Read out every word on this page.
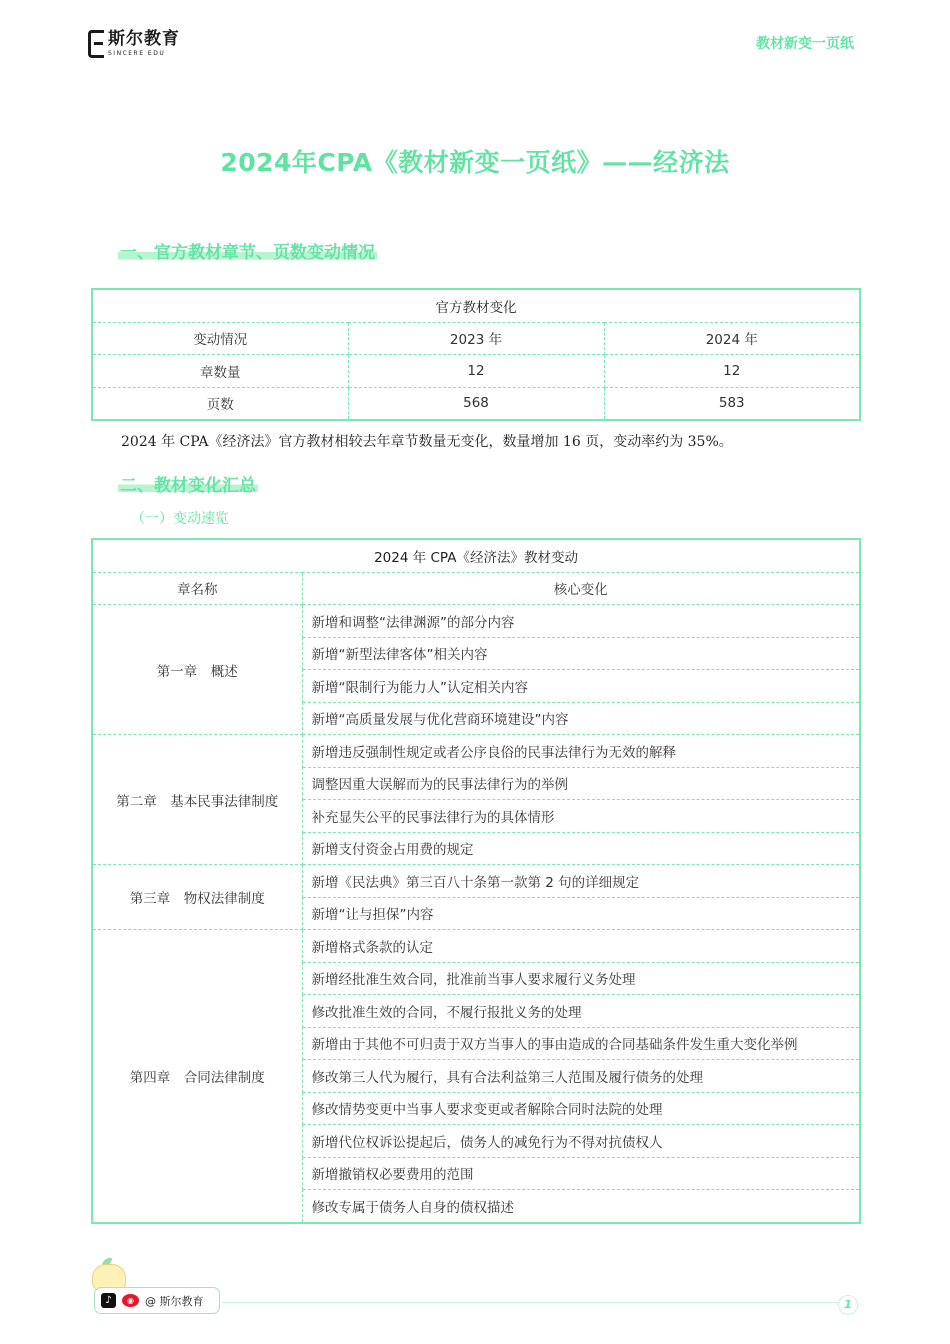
斯尔教育
SINCERE EDU
教材新变一页纸
2024年CPA《教材新变一页纸》——经济法
一、官方教材章节、页数变动情况
官方教材变化		
变动情况	2023 年	2024 年
章数量	12	12
页数	568	583
2024 年 CPA《经济法》官方教材相较去年章节数量无变化，数量增加 16 页，变动率约为 35%。
二、教材变化汇总
（一）变动速览
2024 年 CPA《经济法》教材变动	
章名称	核心变化
第一章　概述	新增和调整“法律渊源”的部分内容
	新增“新型法律客体”相关内容
	新增“限制行为能力人”认定相关内容
	新增“高质量发展与优化营商环境建设”内容
第二章　基本民事法律制度	新增违反强制性规定或者公序良俗的民事法律行为无效的解释
	调整因重大误解而为的民事法律行为的举例
	补充显失公平的民事法律行为的具体情形
	新增支付资金占用费的规定
第三章　物权法律制度	新增《民法典》第三百八十条第一款第 2 句的详细规定
	新增“让与担保”内容
第四章　合同法律制度	新增格式条款的认定
	新增经批准生效合同，批准前当事人要求履行义务处理
	修改批准生效的合同，不履行报批义务的处理
	新增由于其他不可归责于双方当事人的事由造成的合同基础条件发生重大变化举例
	修改第三人代为履行，具有合法利益第三人范围及履行债务的处理
	修改情势变更中当事人要求变更或者解除合同时法院的处理
	新增代位权诉讼提起后，债务人的减免行为不得对抗债权人
	新增撤销权必要费用的范围
	修改专属于债务人自身的债权描述
♪	◉	@ 斯尔教育	1
